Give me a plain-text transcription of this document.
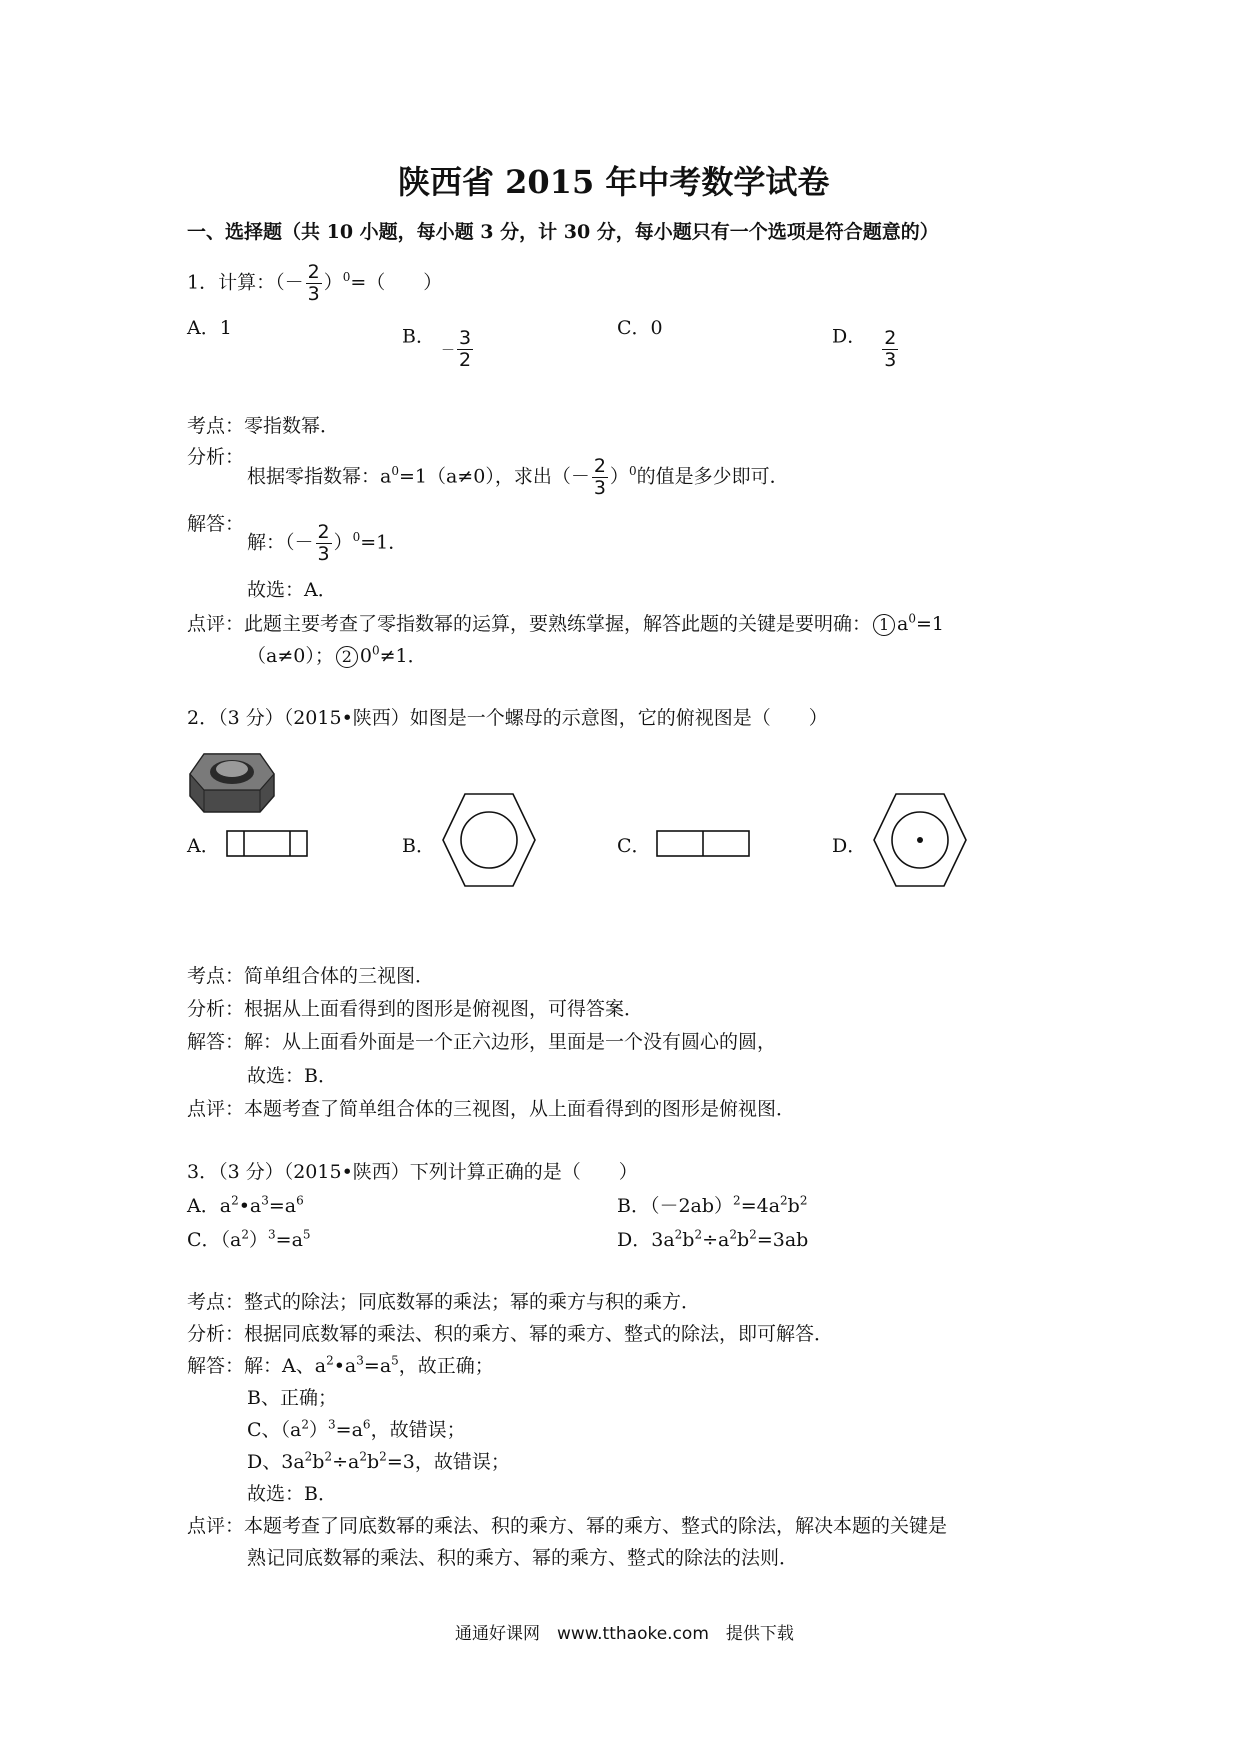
陕西省 2015 年中考数学试卷
一、选择题（共 10 小题，每小题 3 分，计 30 分，每小题只有一个选项是符合题意的）
1．计算：（－ $\frac{2}{3} )^0=$（　　）
A．1	B． $_- \frac{3}{2}$	C．0	D． $\frac{2}{3}$
考点：零指数幂．
分析：
根据零指数幂：$a^0=1(a\ne 0)$，求出（－ $\frac{2}{3} )^0$的值是多少即可．
解答：
解：（－ $\frac{2}{3} )^0=1$．
故选：A．
点评：此题主要考查了零指数幂的运算，要熟练掌握，解答此题的关键是要明确： 1 $a^0=1$
（a≠0）； 2 $0^0\ne 1$．
2．（3 分）（2015•陕西）如图是一个螺母的示意图，它的俯视图是（　　）
A．	B．	C．	D．
考点：简单组合体的三视图．
分析：根据从上面看得到的图形是俯视图，可得答案．
解答：解：从上面看外面是一个正六边形，里面是一个没有圆心的圆，
故选：B．
点评：本题考查了简单组合体的三视图，从上面看得到的图形是俯视图．
3．（3 分）（2015•陕西）下列计算正确的是（　　）
A．$a^2•a^3=a^6$	B．$(-2ab)^2=4a^2b^2$
C．$(a^2)^3=a^5$	D．$3a^2b^2\div a^2b^2=3ab$
考点：整式的除法；同底数幂的乘法；幂的乘方与积的乘方．
分析：根据同底数幂的乘法、积的乘方、幂的乘方、整式的除法，即可解答．
解答：解：A、$a^2•a^3=a^5$，故正确；
B、正确；
C、$(a^2)^3=a^6$，故错误；
D、$3a^2b^2\div a^2b^2=3$，故错误；
故选：B．
点评：本题考查了同底数幂的乘法、积的乘方、幂的乘方、整式的除法，解决本题的关键是
熟记同底数幂的乘法、积的乘方、幂的乘方、整式的除法的法则．
通通好课网　www.tthaoke.com　提供下载
